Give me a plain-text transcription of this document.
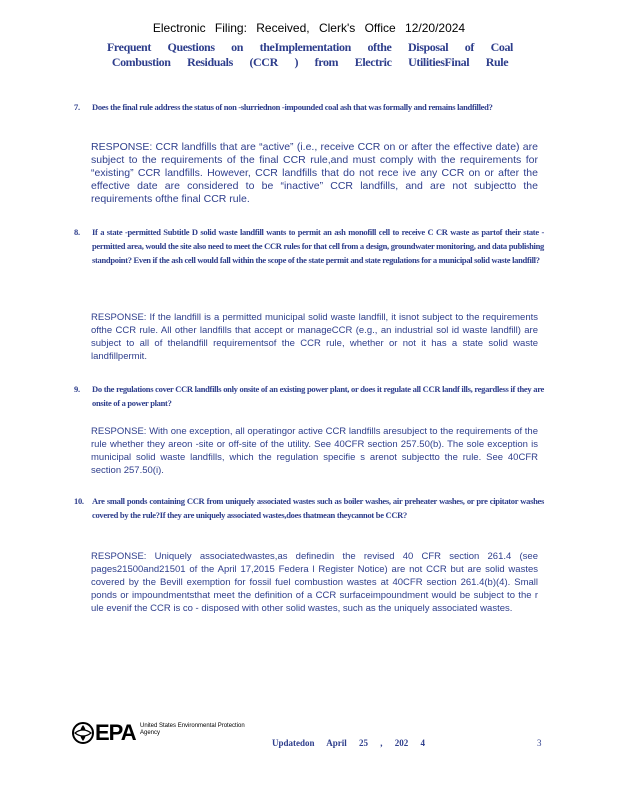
Electronic Filing: Received, Clerk's Office 12/20/2024
Frequent Questions on theImplementation ofthe Disposal of Coal
Combustion Residuals (CCR ) from Electric UtilitiesFinal Rule
7. Does the final rule address the status of non -slurriednon -impounded coal ash that was formally and remains landfilled?
RESPONSE: CCR landfills that are “active” (i.e., receive CCR on or after the effective date) are subject to the requirements of the final CCR rule,and must comply with the requirements for “existing” CCR landfills. However, CCR landfills that do not rece ive any CCR on or after the effective date are considered to be “inactive” CCR landfills, and are not subjectto the requirements ofthe final CCR rule.
8. If a state -permitted Subtitle D solid waste landfill wants to permit an ash monofill cell to receive C CR waste as partof their state -permitted area, would the site also need to meet the CCR rules for that cell from a design, groundwater monitoring, and data publishing standpoint? Even if the ash cell would fall within the scope of the state permit and state regulations for a municipal solid waste landfill?
RESPONSE: If the landfill is a permitted municipal solid waste landfill, it isnot subject to the requirements ofthe CCR rule. All other landfills that accept or manageCCR (e.g., an industrial sol id waste landfill) are subject to all of thelandfill requirementsof the CCR rule, whether or not it has a state solid waste landfillpermit.
9. Do the regulations cover CCR landfills only onsite of an existing power plant, or does it regulate all CCR landf ills, regardless if they are onsite of a power plant?
RESPONSE: With one exception, all operatingor active CCR landfills aresubject to the requirements of the rule whether they areon -site or off-site of the utility. See 40CFR section 257.50(b). The sole exception is municipal solid waste landfills, which the regulation specifie s arenot subjectto the rule. See 40CFR section 257.50(i).
10. Are small ponds containing CCR from uniquely associated wastes such as boiler washes, air preheater washes, or pre cipitator washes covered by the rule?If they are uniquely associated wastes,does thatmean theycannot be CCR?
RESPONSE: Uniquely associatedwastes,as definedin the revised 40 CFR section 261.4 (see pages21500and21501 of the April 17,2015 Federa l Register Notice) are not CCR but are solid wastes covered by the Bevill exemption for fossil fuel combustion wastes at 40CFR section 261.4(b)(4). Small ponds or impoundmentsthat meet the definition of a CCR surfaceimpoundment would be subject to the r ule evenif the CCR is co - disposed with other solid wastes, such as the uniquely associated wastes.
EPA United States Environmental Protection Agency
Updatedon April 25 , 202 4	3
